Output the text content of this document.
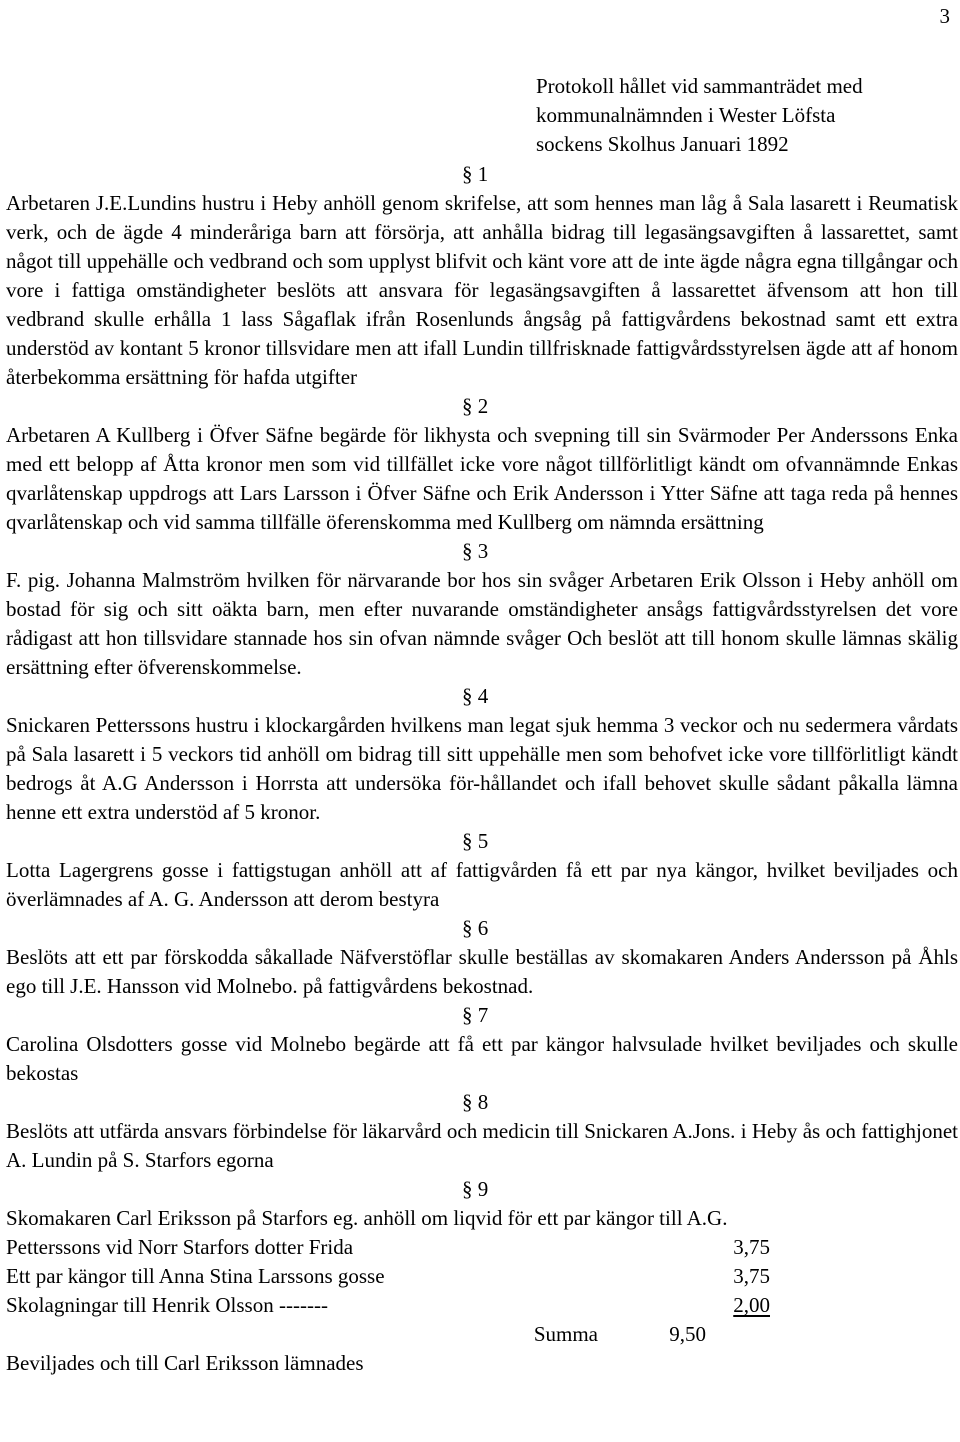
3
Protokoll hållet vid sammanträdet med
kommunalnämnden i Wester Löfsta
sockens Skolhus Januari 1892
§ 1

Arbetaren J.E.Lundins hustru i Heby anhöll genom skrifelse, att som hennes man låg å Sala lasarett i Reumatisk verk, och de ägde 4 minderåriga barn att försörja, att anhålla bidrag till legasängsavgiften å lassarettet, samt något till uppehälle och vedbrand och som upplyst blifvit och känt vore att de inte ägde några egna tillgångar och vore i fattiga omständigheter beslöts att ansvara för legasängsavgiften å lassarettet äfvensom att hon till vedbrand skulle erhålla 1 lass Sågaflak ifrån Rosenlunds ångsåg på fattigvårdens bekostnad samt ett extra understöd av kontant 5 kronor tillsvidare men att ifall Lundin tillfrisknade fattigvårdsstyrelsen ägde att af honom återbekomma ersättning för hafda utgifter

§ 2

Arbetaren A Kullberg i Öfver Säfne begärde för likhysta och svepning till sin Svärmoder Per Anderssons Enka med ett belopp af Åtta kronor men som vid tillfället icke vore något tillförlitligt kändt om ofvannämnde Enkas qvarlåtenskap uppdrogs att Lars Larsson i Öfver Säfne och Erik Andersson i Ytter Säfne att taga reda på hennes qvarlåtenskap och vid samma tillfälle öferenskomma med Kullberg om nämnda ersättning

§ 3

F. pig. Johanna Malmström hvilken för närvarande bor hos sin svåger Arbetaren Erik Olsson i Heby anhöll om bostad för sig och sitt oäkta barn, men efter nuvarande omständigheter ansågs fattigvårdsstyrelsen det vore rådigast att hon tillsvidare stannade hos sin ofvan nämnde svåger Och beslöt att till honom skulle lämnas skälig ersättning efter öfverenskommelse.

§ 4

Snickaren Petterssons hustru i klockargården hvilkens man legat sjuk hemma 3 veckor och nu sedermera vårdats på Sala lasarett i 5 veckors tid anhöll om bidrag till sitt uppehälle men som behofvet icke vore tillförlitligt kändt bedrogs åt A.G Andersson i Horrsta att undersöka för-hållandet och ifall behovet skulle sådant påkalla lämna henne ett extra understöd af 5 kronor.

§ 5

Lotta Lagergrens gosse i fattigstugan anhöll att af fattigvården få ett par nya kängor, hvilket beviljades och överlämnades af A. G. Andersson att derom bestyra

§ 6

Beslöts att ett par förskodda såkallade Näfverstöflar skulle beställas av skomakaren Anders Andersson på Åhls ego till J.E. Hansson vid Molnebo. på fattigvårdens bekostnad.

§ 7

Carolina Olsdotters gosse vid Molnebo begärde att få ett par kängor halvsulade hvilket beviljades och skulle bekostas

§ 8

Beslöts att utfärda ansvars förbindelse för läkarvård och medicin till Snickaren A.Jons. i Heby ås och fattighjonet A. Lundin på S. Starfors egorna

§ 9

Skomakaren Carl Eriksson på Starfors eg. anhöll om liqvid för ett par kängor till A.G.

Petterssons vid Norr Starfors dotter Frida	3,75
Ett par kängor till Anna Stina Larssons gosse	3,75
Skolagningar till Henrik Olsson -------	2,00
Summa	9,50
Beviljades och till Carl Eriksson lämnades
